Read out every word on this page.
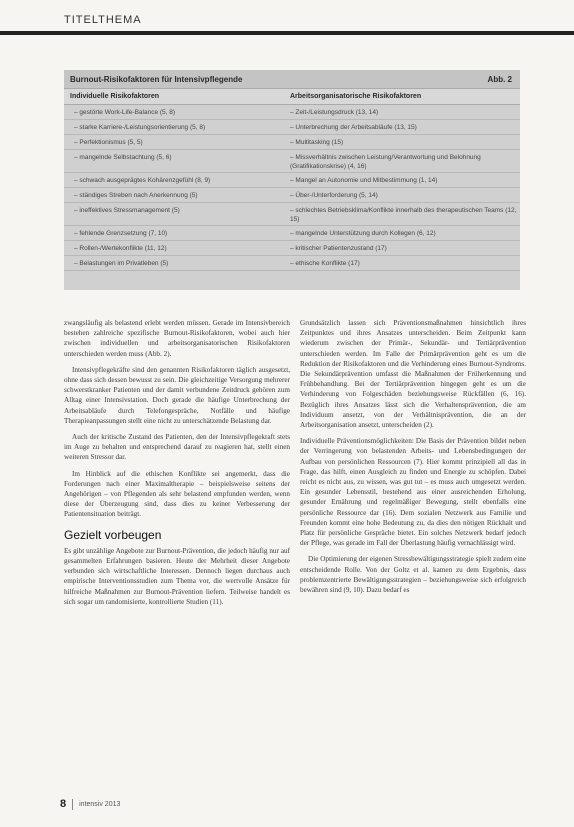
TITELTHEMA
Burnout-Risikofaktoren für Intensivpflegende	Abb. 2
Individuelle Risikofaktoren	Arbeitsorganisatorische Risikofaktoren
– gestörte Work-Life-Balance (5, 8)	– Zeit-/Leistungsdruck (13, 14)
– starke Karriere-/Leistungsorientierung (5, 8)	– Unterbrechung der Arbeitsabläufe (13, 15)
– Perfektionismus (5, 5)	– Multitasking (15)
– mangelnde Selbstachtung (5, 6)	– Missverhältnis zwischen Leistung/Verantwortung und Belohnung (Gratifikationskrise) (4, 16)
– schwach ausgeprägtes Kohärenzgefühl (8, 9)	– Mangel an Autonomie und Mitbestimmung (1, 14)
– ständiges Streben nach Anerkennung (5)	– Über-/Unterforderung (5, 14)
– ineffektives Stressmanagement (5)	– schlechtes Betriebsklima/Konflikte innerhalb des therapeutischen Teams (12, 15)
– fehlende Grenzsetzung (7, 10)	– mangelnde Unterstützung durch Kollegen (6, 12)
– Rollen-/Wertekonflikte (11, 12)	– kritischer Patientenzustand (17)
– Belastungen im Privatleben (5)	– ethische Konflikte (17)

zwangsläufig als belastend erlebt werden müssen. Gerade im Intensivbereich bestehen zahlreiche spezifische Burnout-Risikofaktoren, wobei auch hier zwischen individuellen und arbeitsorganisatorischen Risikofaktoren unterschieden werden muss (Abb. 2).

Intensivpflegekräfte sind den genannten Risikofaktoren täglich ausgesetzt, ohne dass sich dessen bewusst zu sein. Die gleichzeitige Versorgung mehrerer schwerstkranker Patienten und der damit verbundene Zeitdruck gehören zum Alltag einer Intensivstation. Doch gerade die häufige Unterbrechung der Arbeitsabläufe durch Telefongespräche, Notfälle und häufige Therapieanpassungen stellt eine nicht zu unterschätzende Belastung dar.

Auch der kritische Zustand des Patienten, den der Intensivpflegekraft stets im Auge zu behalten und entsprechend darauf zu reagieren hat, stellt einen weiteren Stressor dar.

Im Hinblick auf die ethischen Konflikte sei angemerkt, dass die Forderungen nach einer Maximaltherapie – beispielsweise seitens der Angehörigen – von Pflegenden als sehr belastend empfunden werden, wenn diese der Überzeugung sind, dass dies zu keiner Verbesserung der Patientensituation beiträgt.

Gezielt vorbeugen

Es gibt unzählige Angebote zur Burnout-Prävention, die jedoch häufig nur auf gesammelten Erfahrungen basieren. Heute der Mehrheit dieser Angebote verbunden sich wirtschaftliche Interessen. Dennoch liegen durchaus auch empirische Interventionsstudien zum Thema vor, die wertvolle Ansätze für hilfreiche Maßnahmen zur Burnout-Prävention liefern. Teilweise handelt es sich sogar um randomisierte, kontrollierte Studien (11).

Grundsätzlich lassen sich Präventionsmaßnahmen hinsichtlich ihres Zeitpunktes und ihres Ansatzes unterscheiden. Beim Zeitpunkt kann wiederum zwischen der Primär-, Sekundär- und Tertiärprävention unterschieden werden. Im Falle der Primärprävention geht es um die Reduktion der Risikofaktoren und die Verhinderung eines Burnout-Syndroms. Die Sekundärprävention umfasst die Maßnahmen der Früherkennung und Frühbehandlung. Bei der Tertiärprävention hingegen geht es um die Verhinderung von Folgeschäden beziehungsweise Rückfällen (6, 16). Bezüglich ihres Ansatzes lässt sich die Verhaltensprävention, die am Individuum ansetzt, von der Verhältnisprävention, die an der Arbeitsorganisation ansetzt, unterscheiden (2).

Individuelle Präventionsmöglichkeiten: Die Basis der Prävention bildet neben der Verringerung von belastenden Arbeits- und Lebensbedingungen der Aufbau von persönlichen Ressourcen (7). Hier kommt prinzipiell all das in Frage, das hilft, einen Ausgleich zu finden und Energie zu schöpfen. Dabei reicht es nicht aus, zu wissen, was gut tut – es muss auch umgesetzt werden. Ein gesunder Lebensstil, bestehend aus einer ausreichenden Erholung, gesunder Ernährung und regelmäßiger Bewegung, stellt ebenfalls eine persönliche Ressource dar (16). Dem sozialen Netzwerk aus Familie und Freunden kommt eine hohe Bedeutung zu, da dies den nötigen Rückhalt und Platz für persönliche Gespräche bietet. Ein solches Netzwerk bedarf jedoch der Pflege, was gerade im Fall der Überlastung häufig vernachlässigt wird.

Die Optimierung der eigenen Stressbewältigungsstrategie spielt zudem eine entscheidende Rolle. Von der Goltz et al. kamen zu dem Ergebnis, dass problemzentrierte Bewältigungsstrategien – beziehungsweise sich erfolgreich bewähren sind (9, 10). Dazu bedarf es

8 intensiv 2013
